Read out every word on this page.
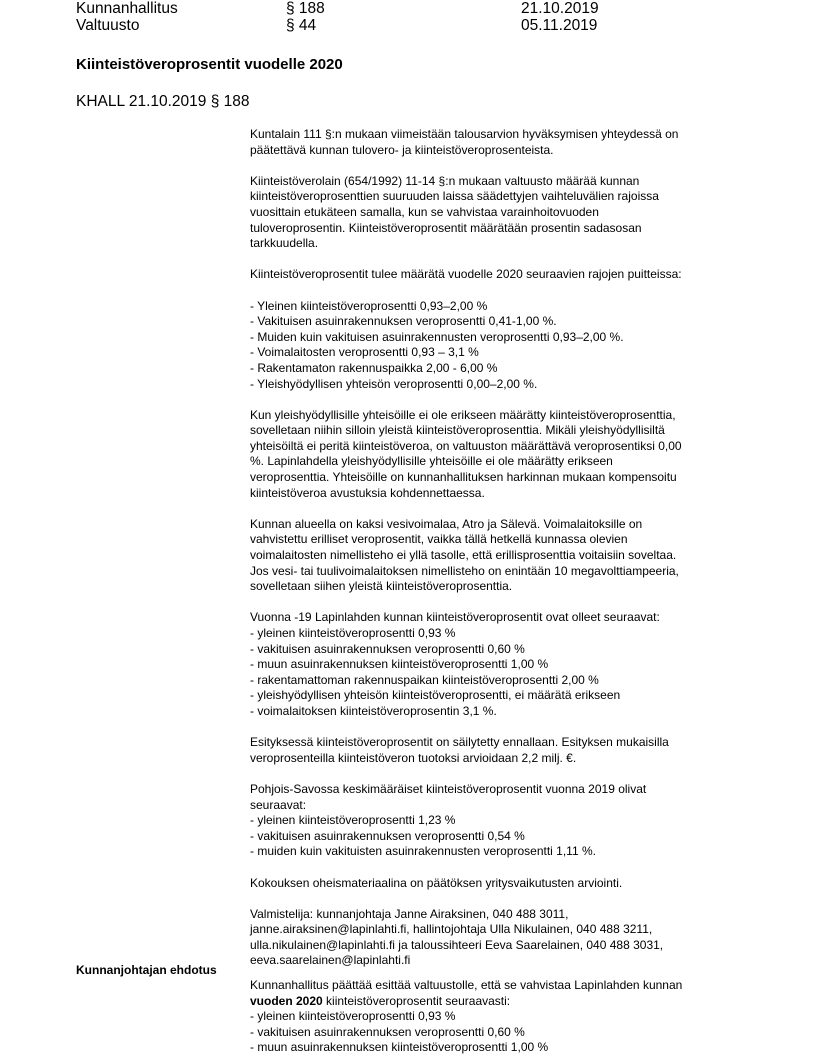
Kunnanhallitus	§ 188	21.10.2019
Valtuusto	§ 44	05.11.2019
Kiinteistöveroprosentit vuodelle 2020
KHALL 21.10.2019 § 188

Kuntalain 111 §:n mukaan viimeistään talousarvion hyväksymisen yhteydessä on
päätettävä kunnan tulovero- ja kiinteistöveroprosenteista.

Kiinteistöverolain (654/1992) 11-14 §:n mukaan valtuusto määrää kunnan
kiinteistöveroprosenttien suuruuden laissa säädettyjen vaihteluvälien rajoissa
vuosittain etukäteen samalla, kun se vahvistaa varainhoitovuoden
tuloveroprosentin. Kiinteistöveroprosentit määrätään prosentin sadasosan
tarkkuudella.

Kiinteistöveroprosentit tulee määrätä vuodelle 2020 seuraavien rajojen puitteissa:

- Yleinen kiinteistöveroprosentti 0,93–2,00 %
- Vakituisen asuinrakennuksen veroprosentti 0,41-1,00 %.
- Muiden kuin vakituisen asuinrakennusten veroprosentti 0,93–2,00 %.
- Voimalaitosten veroprosentti 0,93 – 3,1 %
- Rakentamaton rakennuspaikka 2,00 - 6,00 %
- Yleishyödyllisen yhteisön veroprosentti 0,00–2,00 %.

Kun yleishyödyllisille yhteisöille ei ole erikseen määrätty kiinteistöveroprosenttia,
sovelletaan niihin silloin yleistä kiinteistöveroprosenttia. Mikäli yleishyödyllisiltä
yhteisöiltä ei peritä kiinteistöveroa, on valtuuston määrättävä veroprosentiksi 0,00
%. Lapinlahdella yleishyödyllisille yhteisöille ei ole määrätty erikseen
veroprosenttia. Yhteisöille on kunnanhallituksen harkinnan mukaan kompensoitu
kiinteistöveroa avustuksia kohdennettaessa.

Kunnan alueella on kaksi vesivoimalaa, Atro ja Sälevä. Voimalaitoksille on
vahvistettu erilliset veroprosentit, vaikka tällä hetkellä kunnassa olevien
voimalaitosten nimellisteho ei yllä tasolle, että erillisprosenttia voitaisiin soveltaa.
Jos vesi- tai tuulivoimalaitoksen nimellisteho on enintään 10 megavolttiampeeria,
sovelletaan siihen yleistä kiinteistöveroprosenttia.

Vuonna -19 Lapinlahden kunnan kiinteistöveroprosentit ovat olleet seuraavat:
- yleinen kiinteistöveroprosentti 0,93 %
- vakituisen asuinrakennuksen veroprosentti 0,60 %
- muun asuinrakennuksen kiinteistöveroprosentti 1,00 %
- rakentamattoman rakennuspaikan kiinteistöveroprosentti 2,00 %
- yleishyödyllisen yhteisön kiinteistöveroprosentti, ei määrätä erikseen
- voimalaitoksen kiinteistöveroprosentin 3,1 %.

Esityksessä kiinteistöveroprosentit on säilytetty ennallaan. Esityksen mukaisilla
veroprosenteilla kiinteistöveron tuotoksi arvioidaan 2,2 milj. €.

Pohjois-Savossa keskimääräiset kiinteistöveroprosentit vuonna 2019 olivat
seuraavat:
- yleinen kiinteistöveroprosentti 1,23 %
- vakituisen asuinrakennuksen veroprosentti 0,54 %
- muiden kuin vakituisten asuinrakennusten veroprosentti 1,11 %.

Kokouksen oheismateriaalina on päätöksen yritysvaikutusten arviointi.

Valmistelija: kunnanjohtaja Janne Airaksinen, 040 488 3011,
janne.airaksinen@lapinlahti.fi, hallintojohtaja Ulla Nikulainen, 040 488 3211,
ulla.nikulainen@lapinlahti.fi ja taloussihteeri Eeva Saarelainen, 040 488 3031,
eeva.saarelainen@lapinlahti.fi

Kunnanjohtajan ehdotus
Kunnanhallitus päättää esittää valtuustolle, että se vahvistaa Lapinlahden kunnan
vuoden 2020 kiinteistöveroprosentit seuraavasti:
- yleinen kiinteistöveroprosentti 0,93 %
- vakituisen asuinrakennuksen veroprosentti 0,60 %
- muun asuinrakennuksen kiinteistöveroprosentti 1,00 %
